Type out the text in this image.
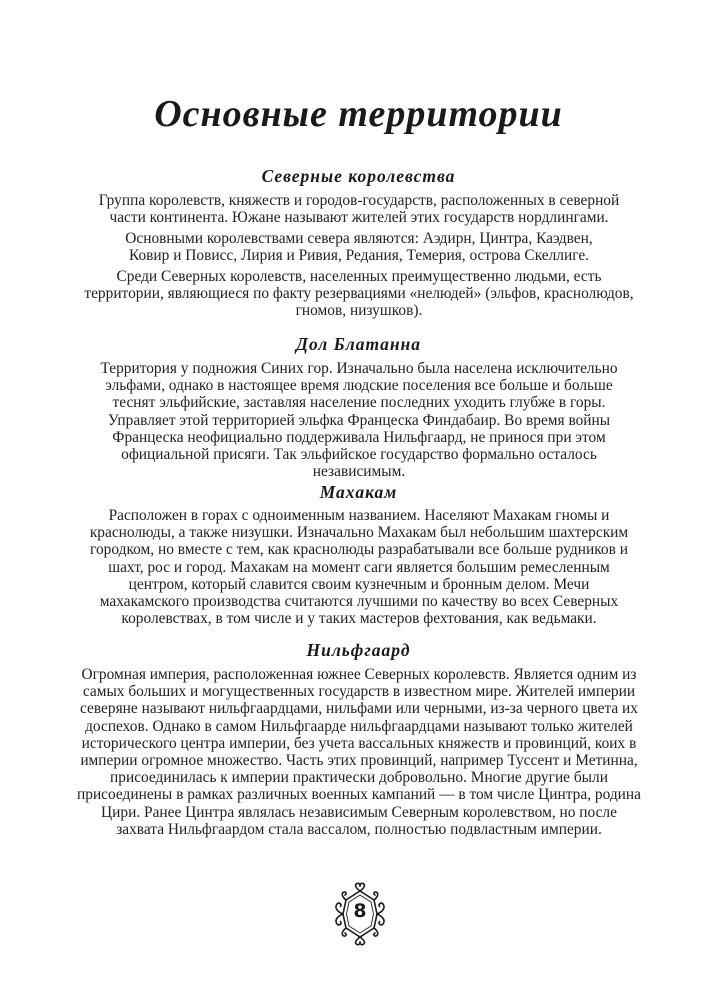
Основные территории
Северные королевства
Группа королевств, княжеств и городов-государств, расположенных в северной части континента. Южане называют жителей этих государств нордлингами.
Основными королевствами севера являются: Аэдирн, Цинтра, Каэдвен, Ковир и Повисс, Лирия и Ривия, Редания, Темерия, острова Скеллиге.
Среди Северных королевств, населенных преимущественно людьми, есть территории, являющиеся по факту резервациями «нелюдей» (эльфов, краснолюдов, гномов, низушков).
Дол Блатанна
Территория у подножия Синих гор. Изначально была населена исключительно эльфами, однако в настоящее время людские поселения все больше и больше теснят эльфийские, заставляя население последних уходить глубже в горы. Управляет этой территорией эльфка Францеска Финдабаир. Во время войны Францеска неофициально поддерживала Нильфгаард, не принося при этом официальной присяги. Так эльфийское государство формально осталось независимым.
Махакам
Расположен в горах с одноименным названием. Населяют Махакам гномы и краснолюды, а также низушки. Изначально Махакам был небольшим шахтерским городком, но вместе с тем, как краснолюды разрабатывали все больше рудников и шахт, рос и город. Махакам на момент саги является большим ремесленным центром, который славится своим кузнечным и бронным делом. Мечи махакамского производства считаются лучшими по качеству во всех Северных королевствах, в том числе и у таких мастеров фехтования, как ведьмаки.
Нильфгаард
Огромная империя, расположенная южнее Северных королевств. Является одним из самых больших и могущественных государств в известном мире. Жителей империи северяне называют нильфгаардцами, нильфами или черными, из-за черного цвета их доспехов. Однако в самом Нильфгаарде нильфгаардцами называют только жителей исторического центра империи, без учета вассальных княжеств и провинций, коих в империи огромное множество. Часть этих провинций, например Туссент и Метинна, присоединилась к империи практически добровольно. Многие другие были присоединены в рамках различных военных кампаний — в том числе Цинтра, родина Цири. Ранее Цинтра являлась независимым Северным королевством, но после захвата Нильфгаардом стала вассалом, полностью подвластным империи.
8
